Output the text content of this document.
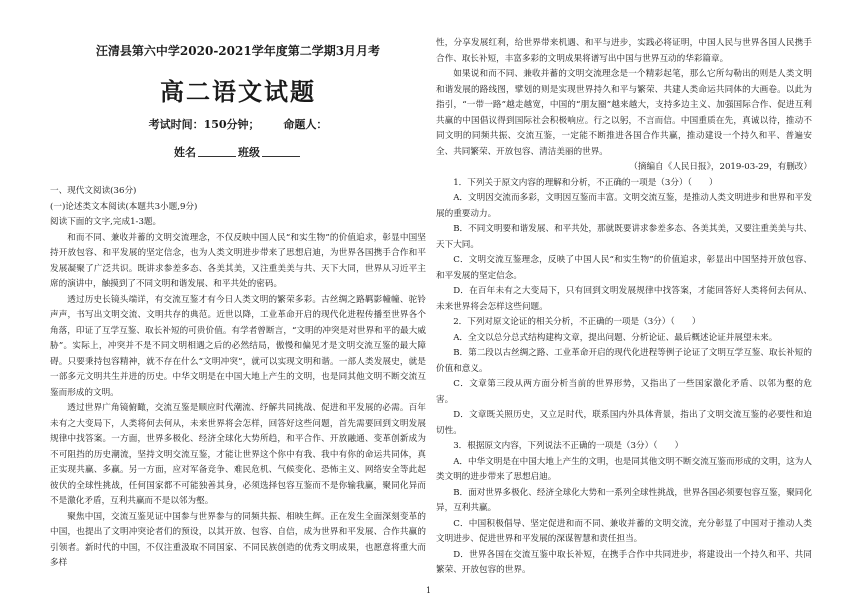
汪清县第六中学2020-2021学年度第二学期3月月考
高二语文试题
考试时间：150分钟； 命题人：
姓名	班级
一、现代文阅读(36分)
(一)论述类文本阅读(本题共3小题,9分)
阅读下面的文字,完成1-3题。

和而不同、兼收并蓄的文明交流理念，不仅反映中国人民“和实生物”的价值追求，彰显中国坚持开放包容、和平发展的坚定信念，也为人类文明进步带来了思想启迪，为世界各国携手合作和平发展凝聚了广泛共识。既讲求参差多态、各美其美，又注重美美与共、天下大同，世界从习近平主席的演讲中，触摸到了不同文明和谐发展、和平共处的密码。

透过历史长镜头端详，有交流互鉴才有今日人类文明的繁荣多彩。古丝绸之路羁影幢幢、驼铃声声，书写出文明交流、文明共存的典范。近世以降，工业革命开启的现代化进程传播至世界各个角落，印证了互学互鉴、取长补短的可贵价值。有学者曾断言，“文明的冲突是对世界和平的最大威胁”。实际上，冲突并不是不同文明相遇之后的必然结局，傲慢和偏见才是文明交流互鉴的最大障碍。只要秉持包容精神，就不存在什么“文明冲突”，就可以实现文明和谐。一部人类发展史，就是一部多元文明共生并进的历史。中华文明是在中国大地上产生的文明，也是同其他文明不断交流互鉴而形成的文明。

透过世界广角镜俯瞰，交流互鉴是顺应时代潮流、纾解共同挑战、促进和平发展的必需。百年未有之大变局下，人类将何去何从，未来世界将会怎样，回答好这些问题，首先需要回到文明发展规律中找答案。一方面，世界多极化、经济全球化大势所趋，和平合作、开放融通、变革创新成为不可阻挡的历史潮流，坚持文明交流互鉴，才能让世界这个你中有我、我中有你的命运共同体，真正实现共赢、多赢。另一方面，应对军备竞争、难民危机、气候变化、恐怖主义、网络安全等此起彼伏的全球性挑战，任何国家都不可能独善其身，必须选择包容互鉴而不是你输我赢，聚同化异而不是激化矛盾，互利共赢而不是以邻为壑。

聚焦中国，交流互鉴见证中国参与世界参与的同频共振、相映生辉。正在发生全面深刻变革的中国，也提出了文明冲突论者们的预设，以其开放、包容、自信，成为世界和平发展、合作共赢的引领者。新时代的中国，不仅注重汲取不同国家、不同民族创造的优秀文明成果，也愿意将重大而多样

性，分享发展红利，给世界带来机遇、和平与进步，实践必将证明，中国人民与世界各国人民携手合作、取长补短，丰富多彩的文明成果将谱写出中国与世界互动的华彩篇章。

如果说和而不同、兼收并蓄的文明交流理念是一个精彩起笔，那么它所勾勒出的则是人类文明和谐发展的路线图，擘划的则是实现世界持久和平与繁荣、共建人类命运共同体的大画卷。以此为指引，“一带一路”越走越宽，中国的“朋友圈”越来越大，支持多边主义、加强国际合作、促进互利共赢的中国倡议得到国际社会积极响应。行之以躬，不言而信。中国重质在先，真诚以待，推动不同文明的同频共振、交流互鉴，一定能不断推进各国合作共赢，推动建设一个持久和平、普遍安全、共同繁荣、开放包容、清洁美丽的世界。

（摘编自《人民日报》，2019-03-29，有删改）

1．下列关于原文内容的理解和分析，不正确的一项是（3分）（　　）

A．文明因交流而多彩，文明因互鉴而丰富。文明交流互鉴，是推动人类文明进步和世界和平发展的重要动力。

B．不同文明要和谐发展、和平共处，那就既要讲求参差多态、各美其美，又要注重美美与共、天下大同。

C．文明交流互鉴理念，反映了中国人民“和实生物”的价值追求，彰显出中国坚持开放包容、和平发展的坚定信念。

D．在百年未有之大变局下，只有回到文明发展规律中找答案，才能回答好人类将何去何从、未来世界将会怎样这些问题。

2．下列对原文论证的相关分析，不正确的一项是（3分）（　　）

A．全文以总分总式结构建构文章，提出问题、分析论证、最后概述论证并展望未来。

B．第二段以古丝绸之路、工业革命开启的现代化进程等例子论证了文明互学互鉴、取长补短的价值和意义。

C．文章第三段从两方面分析当前的世界形势，又指出了一些国家激化矛盾、以邻为壑的危害。

D．文章既关照历史，又立足时代，联系国内外具体背景，指出了文明交流互鉴的必要性和迫切性。

3．根据原文内容，下列说法不正确的一项是（3分）（　　）

A．中华文明是在中国大地上产生的文明，也是同其他文明不断交流互鉴而形成的文明，这为人类文明的进步带来了思想启迪。

B．面对世界多极化、经济全球化大势和一系列全球性挑战，世界各国必须要包容互鉴，聚同化异，互利共赢。

C．中国积极倡导、坚定促进和而不同、兼收并蓄的文明交流，充分彰显了中国对于推动人类文明进步、促进世界和平发展的深谋智慧和责任担当。

D．世界各国在交流互鉴中取长补短，在携手合作中共同进步，将建设出一个持久和平、共同繁荣、开放包容的世界。

1
